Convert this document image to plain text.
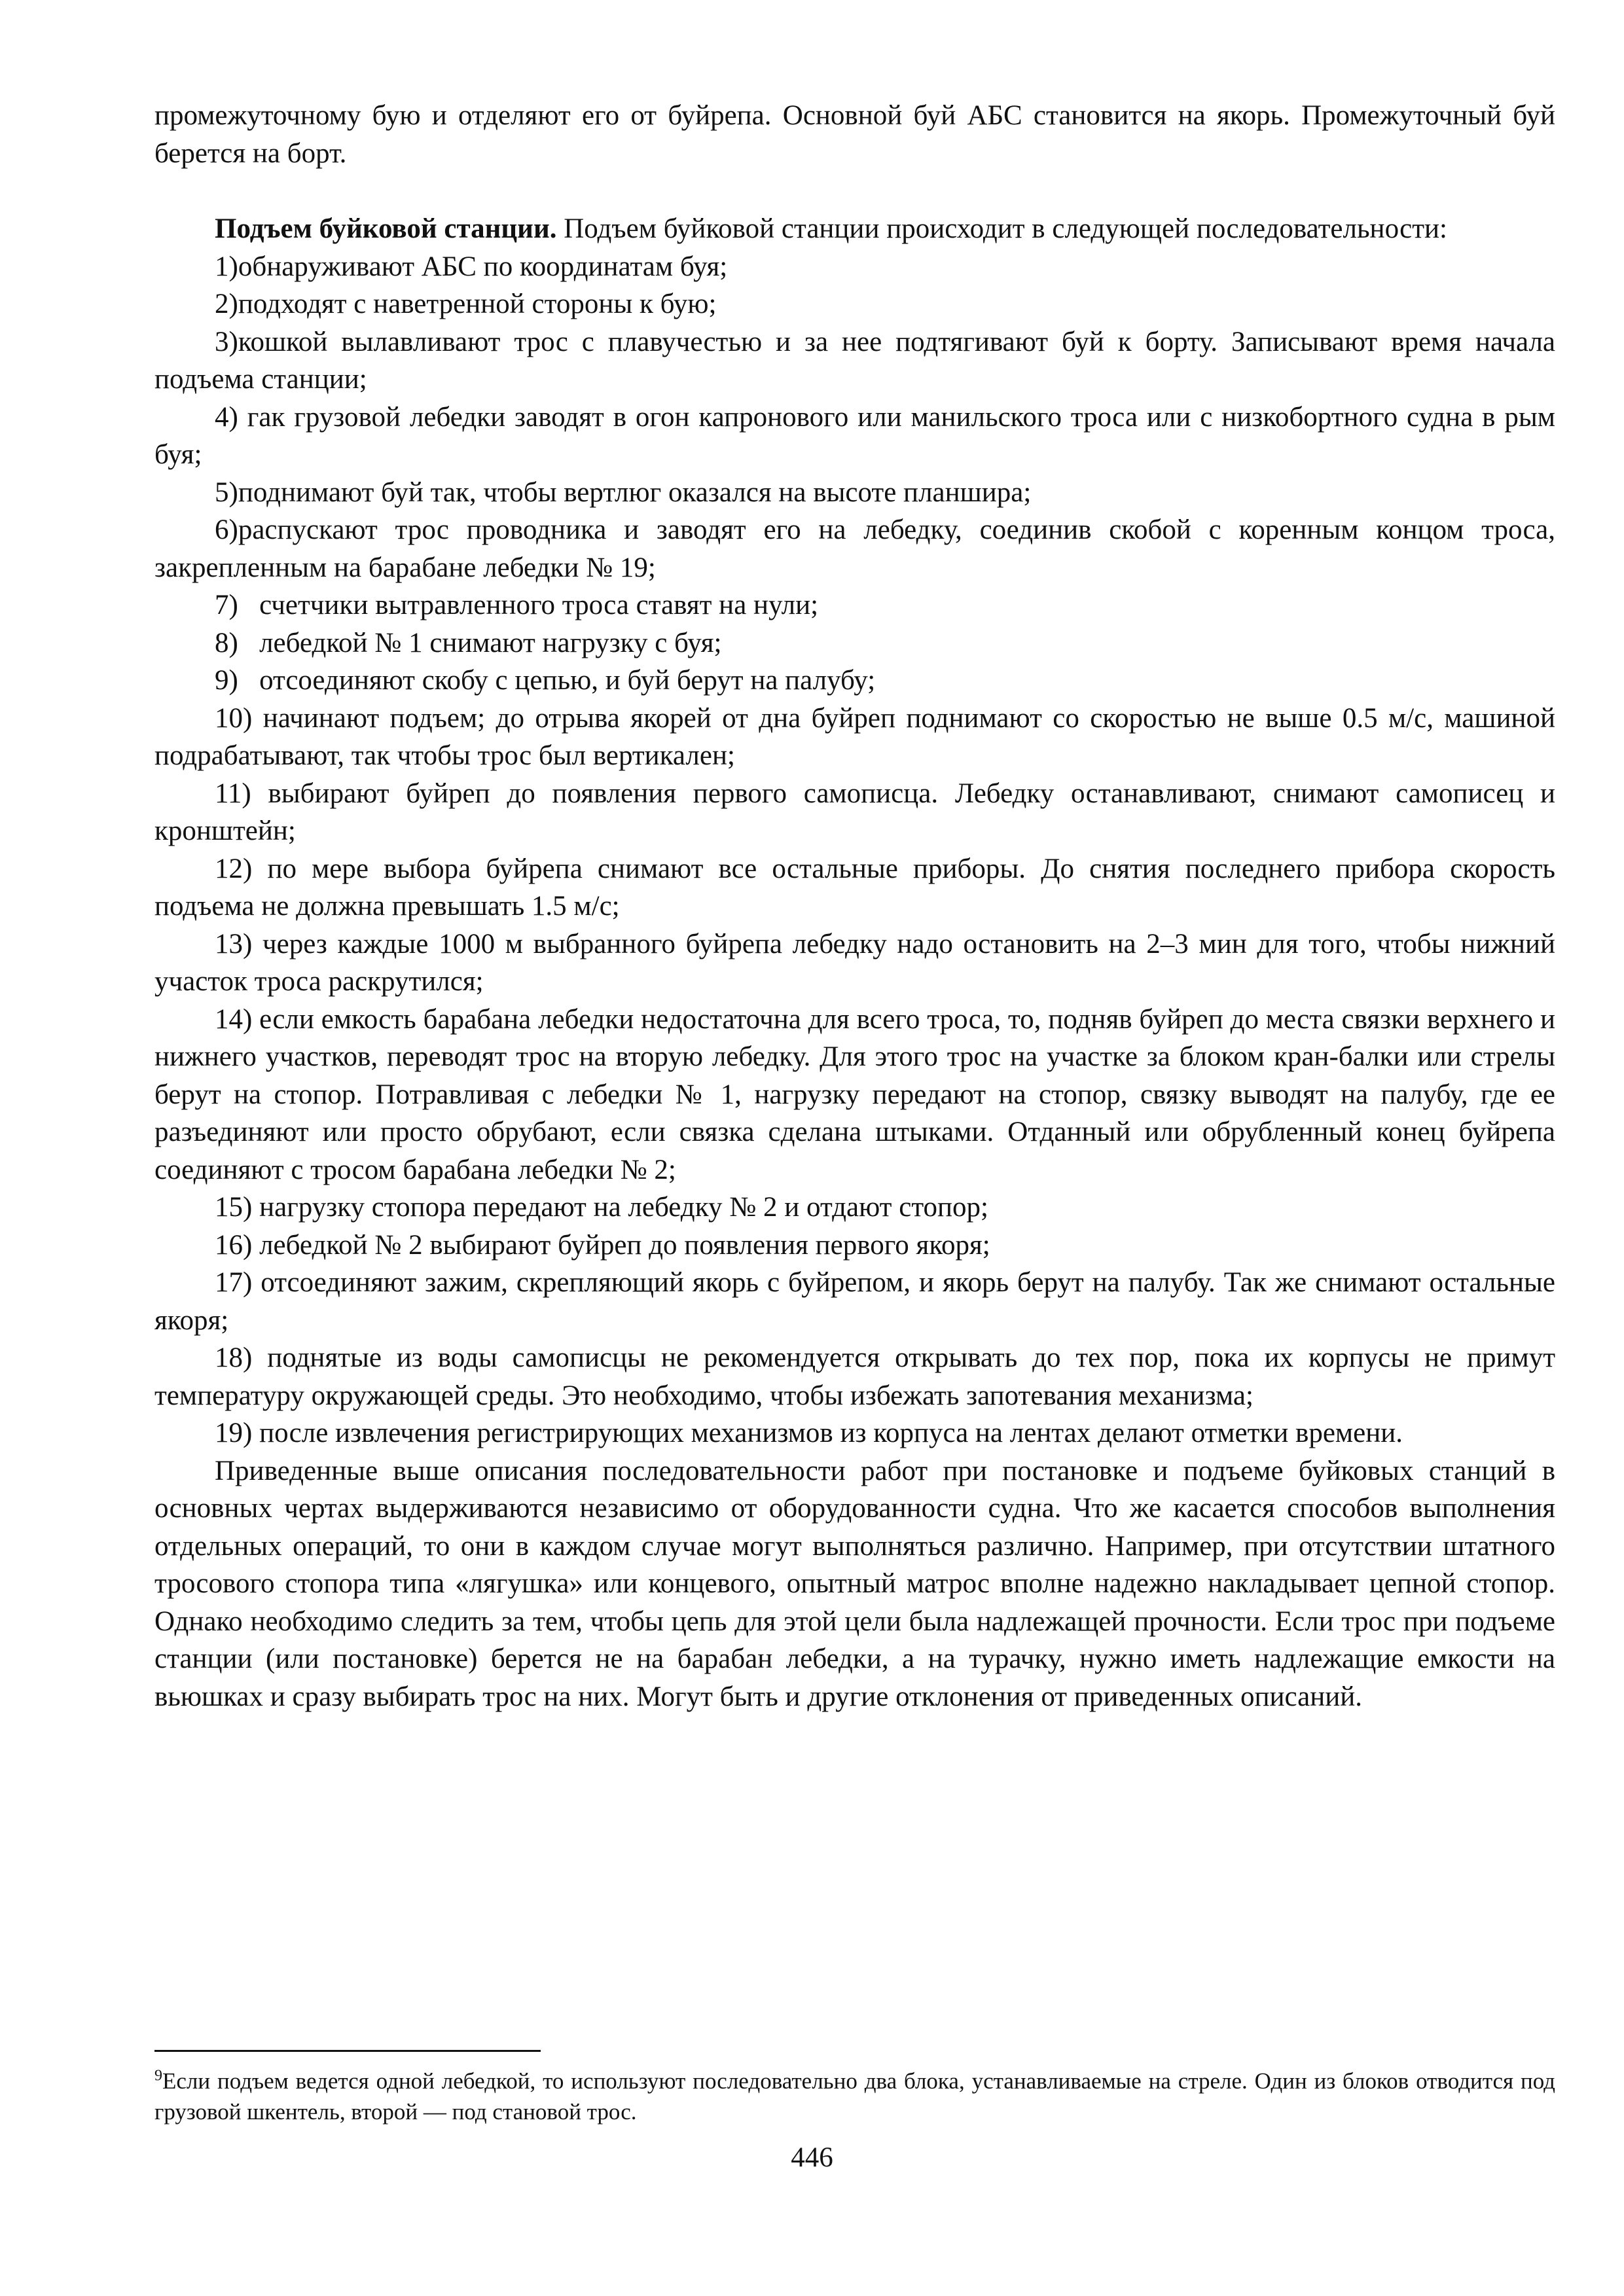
промежуточному бую и отделяют его от буйрепа. Основной буй АБС становится на якорь. Промежуточный буй берется на борт.

Подъем буйковой станции. Подъем буйковой станции происходит в следующей последовательности:

1)обнаруживают АБС по координатам буя;

2)подходят с наветренной стороны к бую;

3)кошкой вылавливают трос с плавучестью и за нее подтягивают буй к борту. Записывают время начала подъема станции;

4) гак грузовой лебедки заводят в огон капронового или манильского троса или с низкобортного судна в рым буя;

5)поднимают буй так, чтобы вертлюг оказался на высоте планшира;

6)распускают трос проводника и заводят его на лебедку, соединив скобой с коренным концом троса, закрепленным на барабане лебедки № 19;

7)   счетчики вытравленного троса ставят на нули;

8)   лебедкой № 1 снимают нагрузку с буя;

9)   отсоединяют скобу с цепью, и буй берут на палубу;

10) начинают подъем; до отрыва якорей от дна буйреп поднимают со скоростью не выше 0.5 м/с, машиной подрабатывают, так чтобы трос был вертикален;

11) выбирают буйреп до появления первого самописца. Лебедку останавливают, снимают самописец и кронштейн;

12) по мере выбора буйрепа снимают все остальные приборы. До снятия последнего прибора скорость подъема не должна превышать 1.5 м/с;

13) через каждые 1000 м выбранного буйрепа лебедку надо остановить на 2–3 мин для того, чтобы нижний участок троса раскрутился;

14) если емкость барабана лебедки недостаточна для всего троса, то, подняв буйреп до места связки верхнего и нижнего участков, переводят трос на вторую лебедку. Для этого трос на участке за блоком кран-балки или стрелы берут на стопор. Потравливая с лебедки № 1, нагрузку передают на стопор, связку выводят на палубу, где ее разъединяют или просто обрубают, если связка сделана штыками. Отданный или обрубленный конец буйрепа соединяют с тросом барабана лебедки № 2;

15) нагрузку стопора передают на лебедку № 2 и отдают стопор;

16) лебедкой № 2 выбирают буйреп до появления первого якоря;

17) отсоединяют зажим, скрепляющий якорь с буйрепом, и якорь берут на палубу. Так же снимают остальные якоря;

18) поднятые из воды самописцы не рекомендуется открывать до тех пор, пока их корпусы не примут температуру окружающей среды. Это необходимо, чтобы избежать запотевания механизма;

19) после извлечения регистрирующих механизмов из корпуса на лентах делают отметки времени.

Приведенные выше описания последовательности работ при постановке и подъеме буйковых станций в основных чертах выдерживаются независимо от оборудованности судна. Что же касается способов выполнения отдельных операций, то они в каждом случае могут выполняться различно. Например, при отсутствии штатного тросового стопора типа «лягушка» или концевого, опытный матрос вполне надежно накладывает цепной стопор. Однако необходимо следить за тем, чтобы цепь для этой цели была надлежащей прочности. Если трос при подъеме станции (или постановке) берется не на барабан лебедки, а на турачку, нужно иметь надлежащие емкости на вьюшках и сразу выбирать трос на них. Могут быть и другие отклонения от приведенных описаний.

$^9$Если подъем ведется одной лебедкой, то используют последовательно два блока, устанавливаемые на стреле. Один из блоков отводится под грузовой шкентель, второй — под становой трос.
446
